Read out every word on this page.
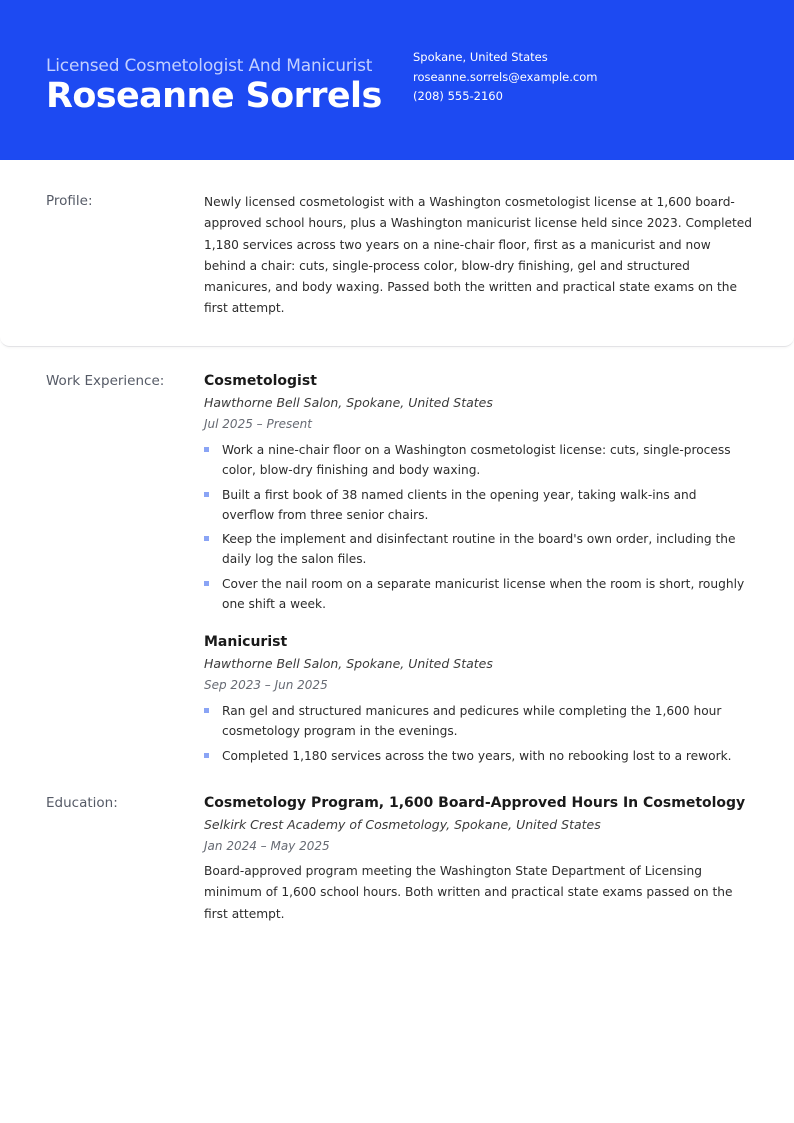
Licensed Cosmetologist And Manicurist
Roseanne Sorrels
Spokane, United States
roseanne.sorrels@example.com
(208) 555-2160
Profile:	Newly licensed cosmetologist with a Washington cosmetologist license at 1,600 board-approved school hours, plus a Washington manicurist license held since 2023. Completed 1,180 services across two years on a nine-chair floor, first as a manicurist and now behind a chair: cuts, single-process color, blow-dry finishing, gel and structured manicures, and body waxing. Passed both the written and practical state exams on the first attempt.
Work Experience:	Cosmetologist
Hawthorne Bell Salon, Spokane, United States
Jul 2025 – Present
Work a nine-chair floor on a Washington cosmetologist license: cuts, single-process color, blow-dry finishing and body waxing.
Built a first book of 38 named clients in the opening year, taking walk-ins and overflow from three senior chairs.
Keep the implement and disinfectant routine in the board's own order, including the daily log the salon files.
Cover the nail room on a separate manicurist license when the room is short, roughly one shift a week.
Manicurist
Hawthorne Bell Salon, Spokane, United States
Sep 2023 – Jun 2025
Ran gel and structured manicures and pedicures while completing the 1,600 hour cosmetology program in the evenings.
Completed 1,180 services across the two years, with no rebooking lost to a rework.
Education:	Cosmetology Program, 1,600 Board-Approved Hours In Cosmetology
Selkirk Crest Academy of Cosmetology, Spokane, United States
Jan 2024 – May 2025
Board-approved program meeting the Washington State Department of Licensing minimum of 1,600 school hours. Both written and practical state exams passed on the first attempt.
